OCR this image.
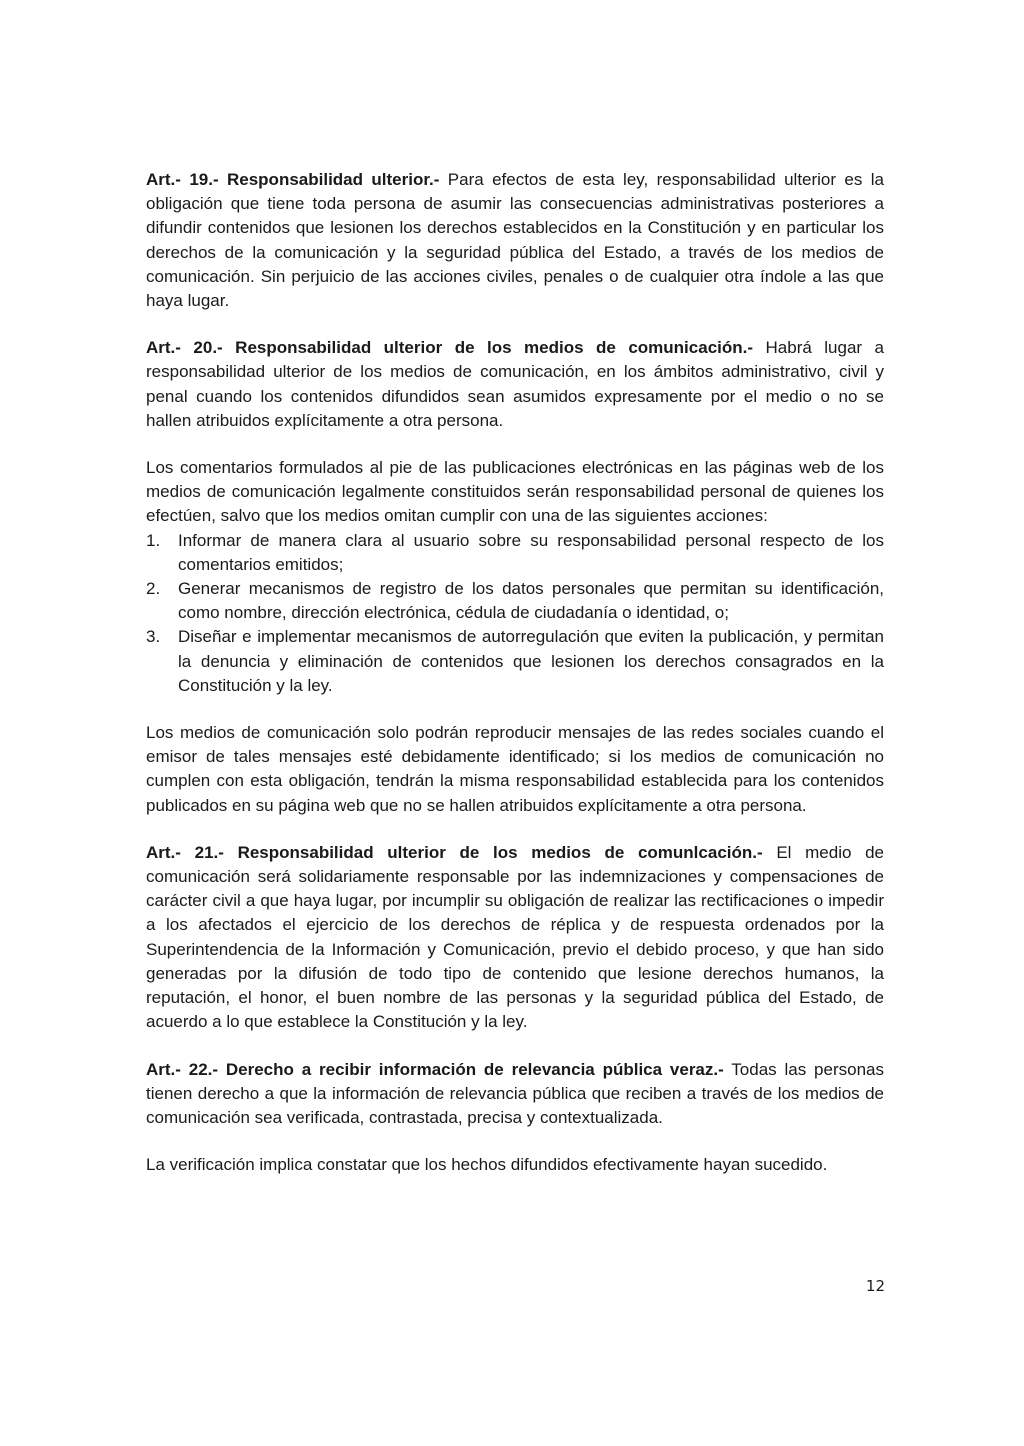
Art.- 19.- Responsabilidad ulterior.- Para efectos de esta ley, responsabilidad ulterior es la obligación que tiene toda persona de asumir las consecuencias administrativas posteriores a difundir contenidos que lesionen los derechos establecidos en la Constitución y en particular los derechos de la comunicación y la seguridad pública del Estado, a través de los medios de comunicación. Sin perjuicio de las acciones civiles, penales o de cualquier otra índole a las que haya lugar.

Art.- 20.- Responsabilidad ulterior de los medios de comunicación.- Habrá lugar a responsabilidad ulterior de los medios de comunicación, en los ámbitos administrativo, civil y penal cuando los contenidos difundidos sean asumidos expresamente por el medio o no se hallen atribuidos explícitamente a otra persona.

Los comentarios formulados al pie de las publicaciones electrónicas en las páginas web de los medios de comunicación legalmente constituidos serán responsabilidad personal de quienes los efectúen, salvo que los medios omitan cumplir con una de las siguientes acciones:

1. Informar de manera clara al usuario sobre su responsabilidad personal respecto de los comentarios emitidos;
2. Generar mecanismos de registro de los datos personales que permitan su identificación, como nombre, dirección electrónica, cédula de ciudadanía o identidad, o;
3. Diseñar e implementar mecanismos de autorregulación que eviten la publicación, y permitan la denuncia y eliminación de contenidos que lesionen los derechos consagrados en la Constitución y la ley.

Los medios de comunicación solo podrán reproducir mensajes de las redes sociales cuando el emisor de tales mensajes esté debidamente identificado; si los medios de comunicación no cumplen con esta obligación, tendrán la misma responsabilidad establecida para los contenidos publicados en su página web que no se hallen atribuidos explícitamente a otra persona.

Art.- 21.- Responsabilidad ulterior de los medios de comunlcación.- El medio de comunicación será solidariamente responsable por las indemnizaciones y compensaciones de carácter civil a que haya lugar, por incumplir su obligación de realizar las rectificaciones o impedir a los afectados el ejercicio de los derechos de réplica y de respuesta ordenados por la Superintendencia de la Información y Comunicación, previo el debido proceso, y que han sido generadas por la difusión de todo tipo de contenido que lesione derechos humanos, la reputación, el honor, el buen nombre de las personas y la seguridad pública del Estado, de acuerdo a lo que establece la Constitución y la ley.

Art.- 22.- Derecho a recibir información de relevancia pública veraz.- Todas las personas tienen derecho a que la información de relevancia pública que reciben a través de los medios de comunicación sea verificada, contrastada, precisa y contextualizada.

La verificación implica constatar que los hechos difundidos efectivamente hayan sucedido.

12
